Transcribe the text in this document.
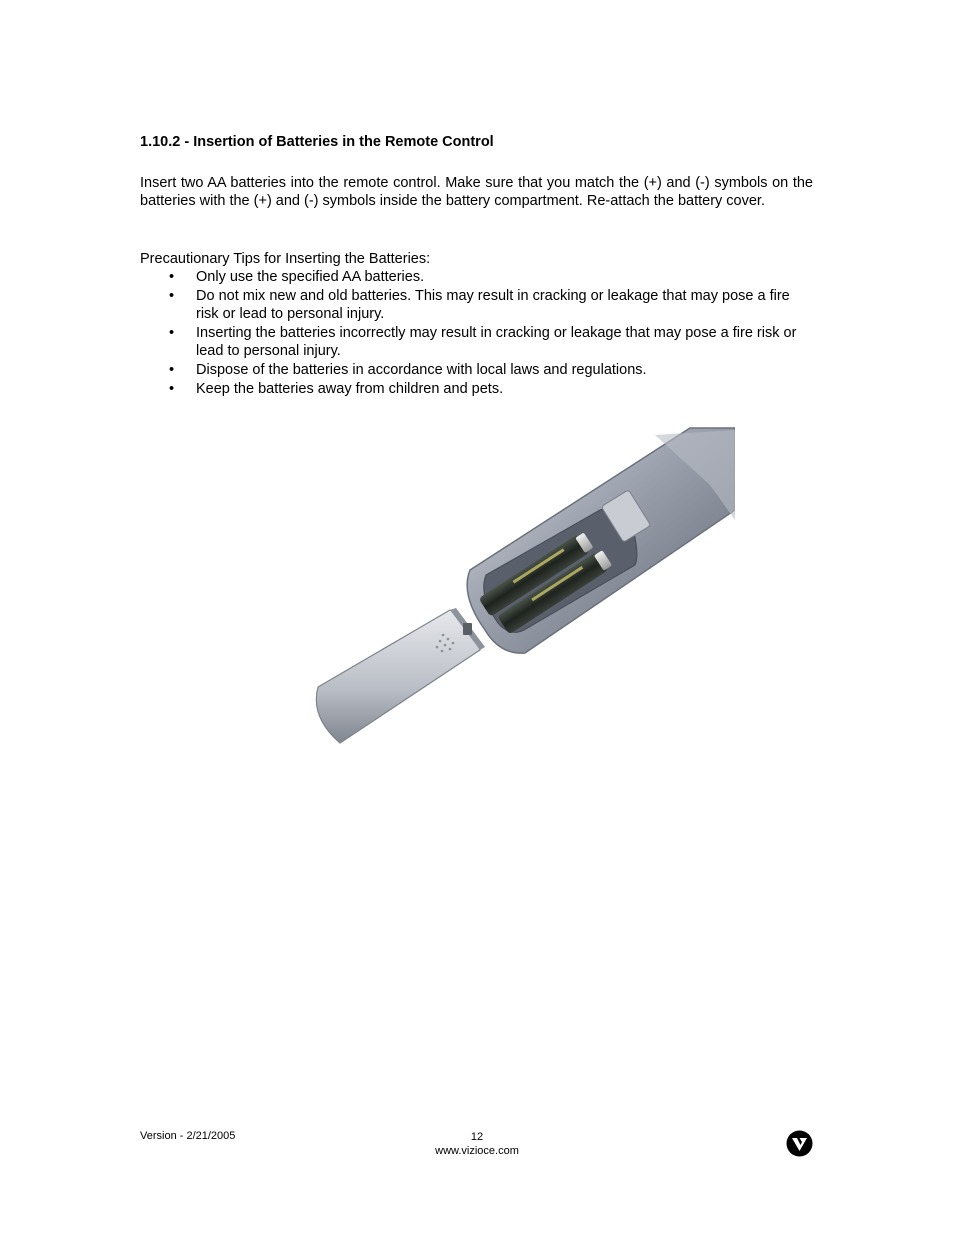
1.10.2 - Insertion of Batteries in the Remote Control

Insert two AA batteries into the remote control. Make sure that you match the (+) and (-) symbols on the batteries with the (+) and (-) symbols inside the battery compartment. Re-attach the battery cover.

Precautionary Tips for Inserting the Batteries:

• Only use the specified AA batteries.
• Do not mix new and old batteries. This may result in cracking or leakage that may pose a fire risk or lead to personal injury.
• Inserting the batteries incorrectly may result in cracking or leakage that may pose a fire risk or lead to personal injury.
• Dispose of the batteries in accordance with local laws and regulations.
• Keep the batteries away from children and pets.
Version - 2/21/2005	12
www.vizioce.com
